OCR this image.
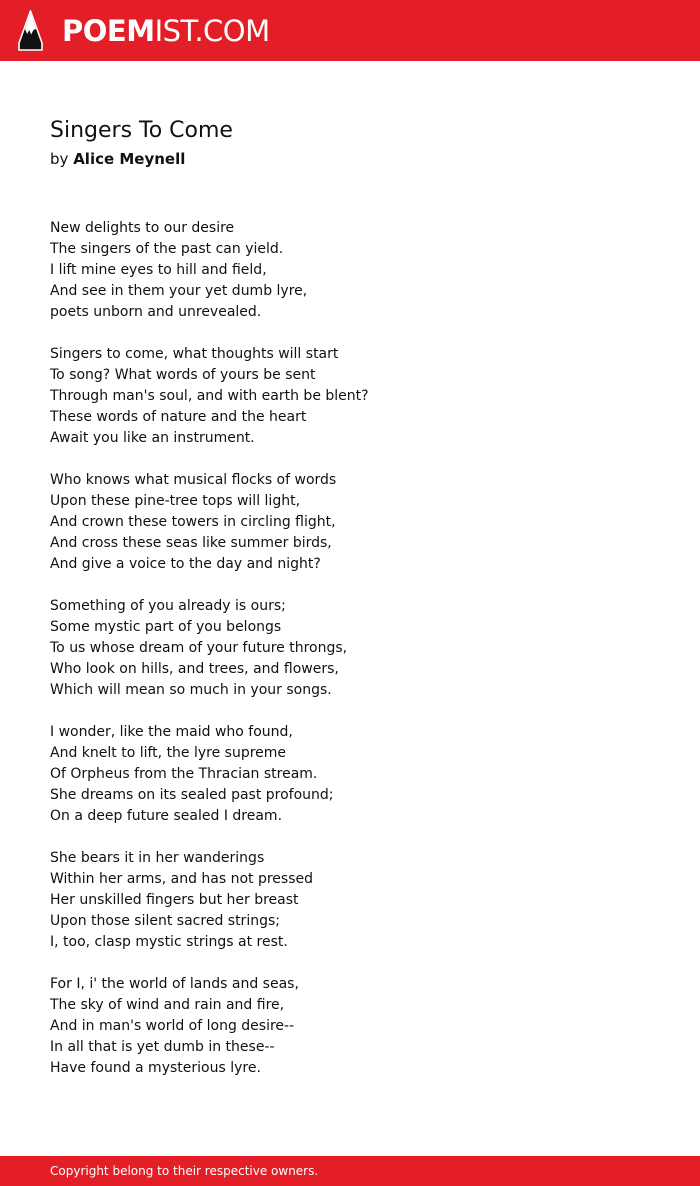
POEMIST.COM
Singers To Come
by Alice Meynell
New delights to our desire
The singers of the past can yield.
I lift mine eyes to hill and field,
And see in them your yet dumb lyre,
poets unborn and unrevealed.
Singers to come, what thoughts will start
To song? What words of yours be sent
Through man's soul, and with earth be blent?
These words of nature and the heart
Await you like an instrument.
Who knows what musical flocks of words
Upon these pine-tree tops will light,
And crown these towers in circling flight,
And cross these seas like summer birds,
And give a voice to the day and night?
Something of you already is ours;
Some mystic part of you belongs
To us whose dream of your future throngs,
Who look on hills, and trees, and flowers,
Which will mean so much in your songs.
I wonder, like the maid who found,
And knelt to lift, the lyre supreme
Of Orpheus from the Thracian stream.
She dreams on its sealed past profound;
On a deep future sealed I dream.
She bears it in her wanderings
Within her arms, and has not pressed
Her unskilled fingers but her breast
Upon those silent sacred strings;
I, too, clasp mystic strings at rest.
For I, i' the world of lands and seas,
The sky of wind and rain and fire,
And in man's world of long desire--
In all that is yet dumb in these--
Have found a mysterious lyre.
Copyright belong to their respective owners.
